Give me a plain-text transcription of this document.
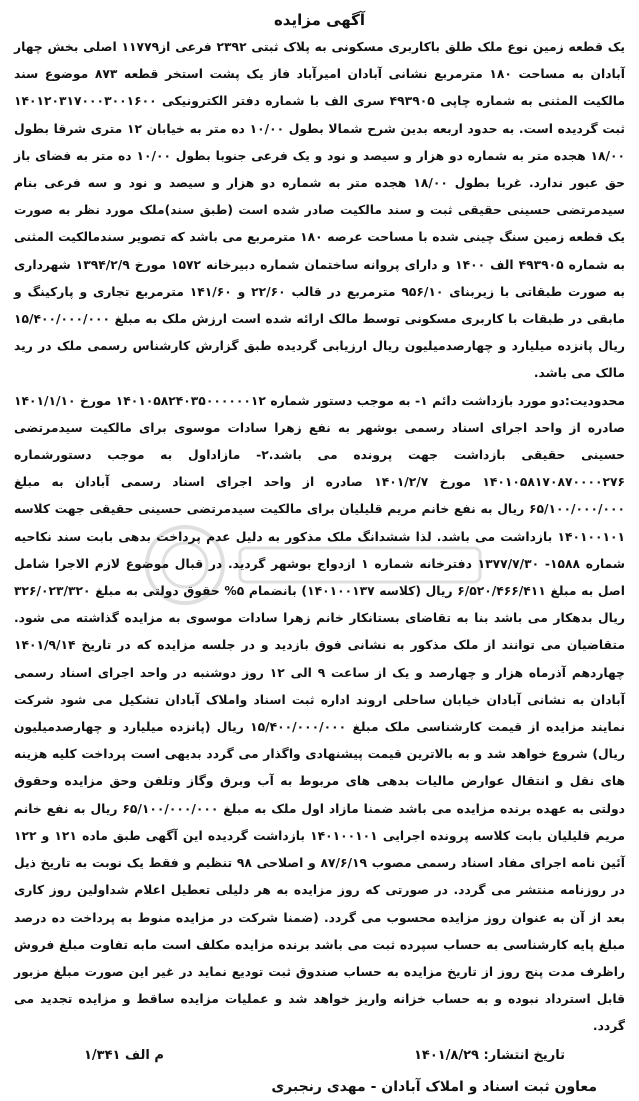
آگهی مزایده

یک قطعه زمین نوع ملک طلق باکاربری مسکونی به پلاک ثبتی ۲۳۹۲ فرعی از۱۱۷۷۹ اصلی بخش چهار آبادان به مساحت ۱۸۰ مترمربع نشانی آبادان امیرآباد فاز یک پشت استخر قطعه ۸۷۳ موضوع سند مالکیت المثنی به شماره چاپی ۴۹۳۹۰۵ سری الف با شماره دفتر الکترونیکی ۱۴۰۱۲۰۳۱۷۰۰۰۳۰۰۱۶۰۰ ثبت گردیده است. به حدود اربعه بدین شرح شمالا بطول ۱۰/۰۰ ده متر به خیابان ۱۲ متری شرقا بطول ۱۸/۰۰ هجده متر به شماره دو هزار و سیصد و نود و یک فرعی جنوبا بطول ۱۰/۰۰ ده متر به فضای باز حق عبور ندارد. غربا بطول ۱۸/۰۰ هجده متر به شماره دو هزار و سیصد و نود و سه فرعی بنام سیدمرتضی حسینی حقیقی ثبت و سند مالکیت صادر شده است (طبق سند)ملک مورد نظر به صورت یک قطعه زمین سنگ چینی شده با مساحت عرصه ۱۸۰ مترمربع می باشد که تصویر سندمالکیت المثنی به شماره ۴۹۳۹۰۵ الف ۱۴۰۰ و دارای پروانه ساختمان شماره دبیرخانه ۱۵۷۲ مورخ ۱۳۹۴/۲/۹ شهرداری به صورت طبقاتی با زیربنای ۹۵۶/۱۰ مترمربع در قالب ۲۲/۶۰ و ۱۴۱/۶۰ مترمربع تجاری و پارکینگ و مابقی در طبقات با کاربری مسکونی توسط مالک ارائه شده است ارزش ملک به مبلغ ۱۵/۴۰۰/۰۰۰/۰۰۰ ریال پانزده میلیارد و چهارصدمیلیون ریال ارزیابی گردیده طبق گزارش کارشناس رسمی ملک در رید مالک می باشد.

محدودیت:دو مورد بازداشت دائم ۱- به موجب دستور شماره ۱۴۰۱۰۵۸۲۴۰۳۵۰۰۰۰۰۰۱۲ مورخ ۱۴۰۱/۱/۱۰ صادره از واحد اجرای اسناد رسمی بوشهر به نفع زهرا سادات موسوی برای مالکیت سیدمرتضی حسینی حقیقی بازداشت جهت پرونده می باشد.۲- مازاداول به موجب دستورشماره ۱۴۰۱۰۵۸۱۷۰۸۷۰۰۰۰۲۷۶ مورخ ۱۴۰۱/۲/۷ صادره از واحد اجرای اسناد رسمی آبادان به مبلغ ۶۵/۱۰۰/۰۰۰/۰۰۰ ریال به نفع خانم مریم قلیلیان برای مالکیت سیدمرتضی حسینی حقیقی جهت کلاسه ۱۴۰۱۰۰۱۰۱ بازداشت می باشد. لذا ششدانگ ملک مذکور به دلیل عدم پرداخت بدهی بابت سند نکاحیه شماره ۱۵۸۸- ۱۳۷۷/۷/۳۰ دفترخانه شماره ۱ ازدواج بوشهر گردید. در قبال موضوع لازم الاجرا شامل اصل به مبلغ ۶/۵۲۰/۴۶۶/۴۱۱ ریال (کلاسه ۱۴۰۱۰۰۱۳۷) بانضمام ۵% حقوق دولتی به مبلغ ۳۲۶/۰۲۳/۳۲۰ ریال بدهکار می باشد بنا به تقاضای بستانکار خانم زهرا سادات موسوی به مزایده گذاشته می شود. متقاضیان می توانند از ملک مذکور به نشانی فوق بازدید و در جلسه مزایده که در تاریخ ۱۴۰۱/۹/۱۴ چهاردهم آذرماه هزار و چهارصد و یک از ساعت ۹ الی ۱۲ روز دوشنبه در واحد اجرای اسناد رسمی آبادان به نشانی آبادان خیابان ساحلی اروند اداره ثبت اسناد واملاک آبادان تشکیل می شود شرکت نمایند مزایده از قیمت کارشناسی ملک مبلغ ۱۵/۴۰۰/۰۰۰/۰۰۰ ریال (پانزده میلیارد و چهارصدمیلیون ریال) شروع خواهد شد و به بالاترین قیمت پیشنهادی واگذار می گردد بدیهی است پرداخت کلیه هزینه های نقل و انتقال عوارض مالیات بدهی های مربوط به آب وبرق وگاز وتلفن وحق مزایده وحقوق دولتی به عهده برنده مزایده می باشد ضمنا مازاد اول ملک به مبلغ ۶۵/۱۰۰/۰۰۰/۰۰۰ ریال به نفع خانم مریم قلیلیان بابت کلاسه پرونده اجرایی ۱۴۰۱۰۰۱۰۱ بازداشت گردیده این آگهی طبق ماده ۱۲۱ و ۱۲۲ آئین نامه اجرای مفاد اسناد رسمی مصوب ۸۷/۶/۱۹ و اصلاحی ۹۸ تنظیم و فقط یک نوبت به تاریخ ذیل در روزنامه منتشر می گردد. در صورتی که روز مزایده به هر دلیلی تعطیل اعلام شداولین روز کاری بعد از آن به عنوان روز مزایده محسوب می گردد. (ضمنا شرکت در مزایده منوط به پرداخت ده درصد مبلغ پایه کارشناسی به حساب سپرده ثبت می باشد برنده مزایده مکلف است مابه تفاوت مبلغ فروش راظرف مدت پنج روز از تاریخ مزایده به حساب صندوق ثبت تودیع نماید در غیر این صورت مبلغ مزبور قابل استرداد نبوده و به حساب خزانه واریز خواهد شد و عملیات مزایده ساقط و مزایده تجدید می گردد.

تاریخ انتشار: ۱۴۰۱/۸/۲۹
م الف ۱/۳۴۱
معاون ثبت اسناد و املاک آبادان - مهدی رنجبری
